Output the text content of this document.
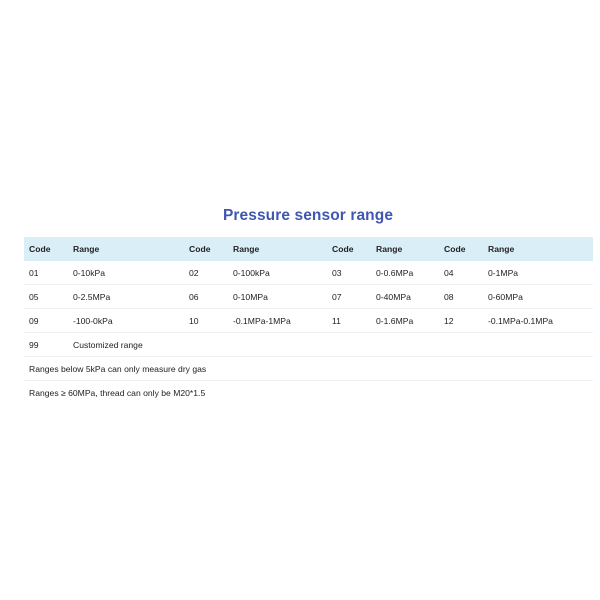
Pressure sensor range
Code	Range	Code	Range	Code	Range	Code	Range
01	0-10kPa	02	0-100kPa	03	0-0.6MPa	04	0-1MPa
05	0-2.5MPa	06	0-10MPa	07	0-40MPa	08	0-60MPa
09	-100-0kPa	10	-0.1MPa-1MPa	11	0-1.6MPa	12	-0.1MPa-0.1MPa
99	Customized range						
Ranges below 5kPa can only measure dry gas							
Ranges ≥ 60MPa, thread can only be M20*1.5							
